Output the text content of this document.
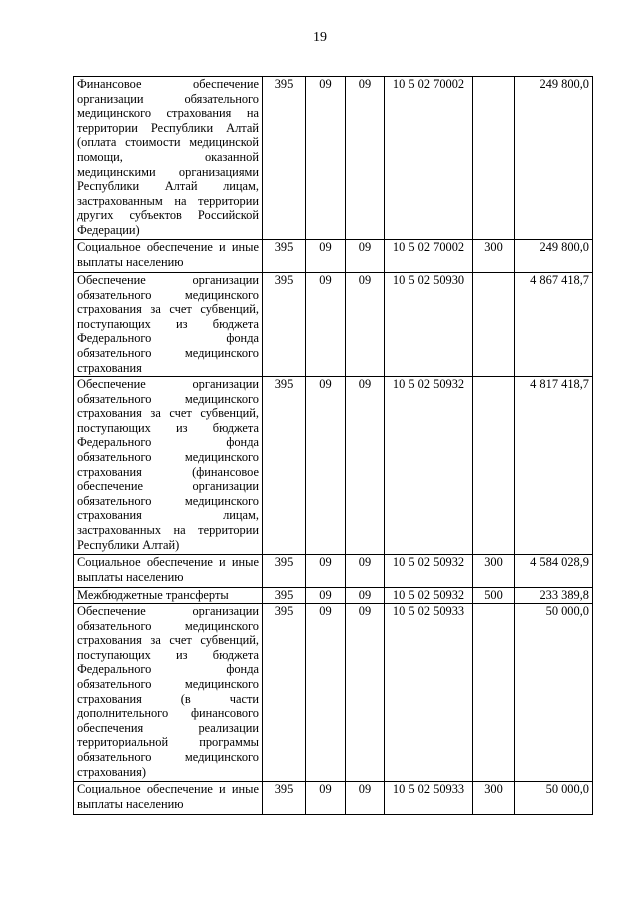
19
Финансовое обеспечение организации обязательного медицинского страхования на территории Республики Алтай (оплата стоимости медицинской помощи, оказанной медицинскими организациями Республики Алтай лицам, застрахованным на территории других субъектов Российской Федерации)	395	09	09	10 5 02 70002		249 800,0

Социальное обеспечение и иные выплаты населению	395	09	09	10 5 02 70002	300	249 800,0

Обеспечение организации обязательного медицинского страхования за счет субвенций, поступающих из бюджета Федерального фонда обязательного медицинского страхования	395	09	09	10 5 02 50930		4 867 418,7

Обеспечение организации обязательного медицинского страхования за счет субвенций, поступающих из бюджета Федерального фонда обязательного медицинского страхования (финансовое обеспечение организации обязательного медицинского страхования лицам, застрахованных на территории Республики Алтай)	395	09	09	10 5 02 50932		4 817 418,7

Социальное обеспечение и иные выплаты населению	395	09	09	10 5 02 50932	300	4 584 028,9

Межбюджетные трансферты	395	09	09	10 5 02 50932	500	233 389,8

Обеспечение организации обязательного медицинского страхования за счет субвенций, поступающих из бюджета Федерального фонда обязательного медицинского страхования (в части дополнительного финансового обеспечения реализации территориальной программы обязательного медицинского страхования)	395	09	09	10 5 02 50933		50 000,0

Социальное обеспечение и иные выплаты населению	395	09	09	10 5 02 50933	300	50 000,0
